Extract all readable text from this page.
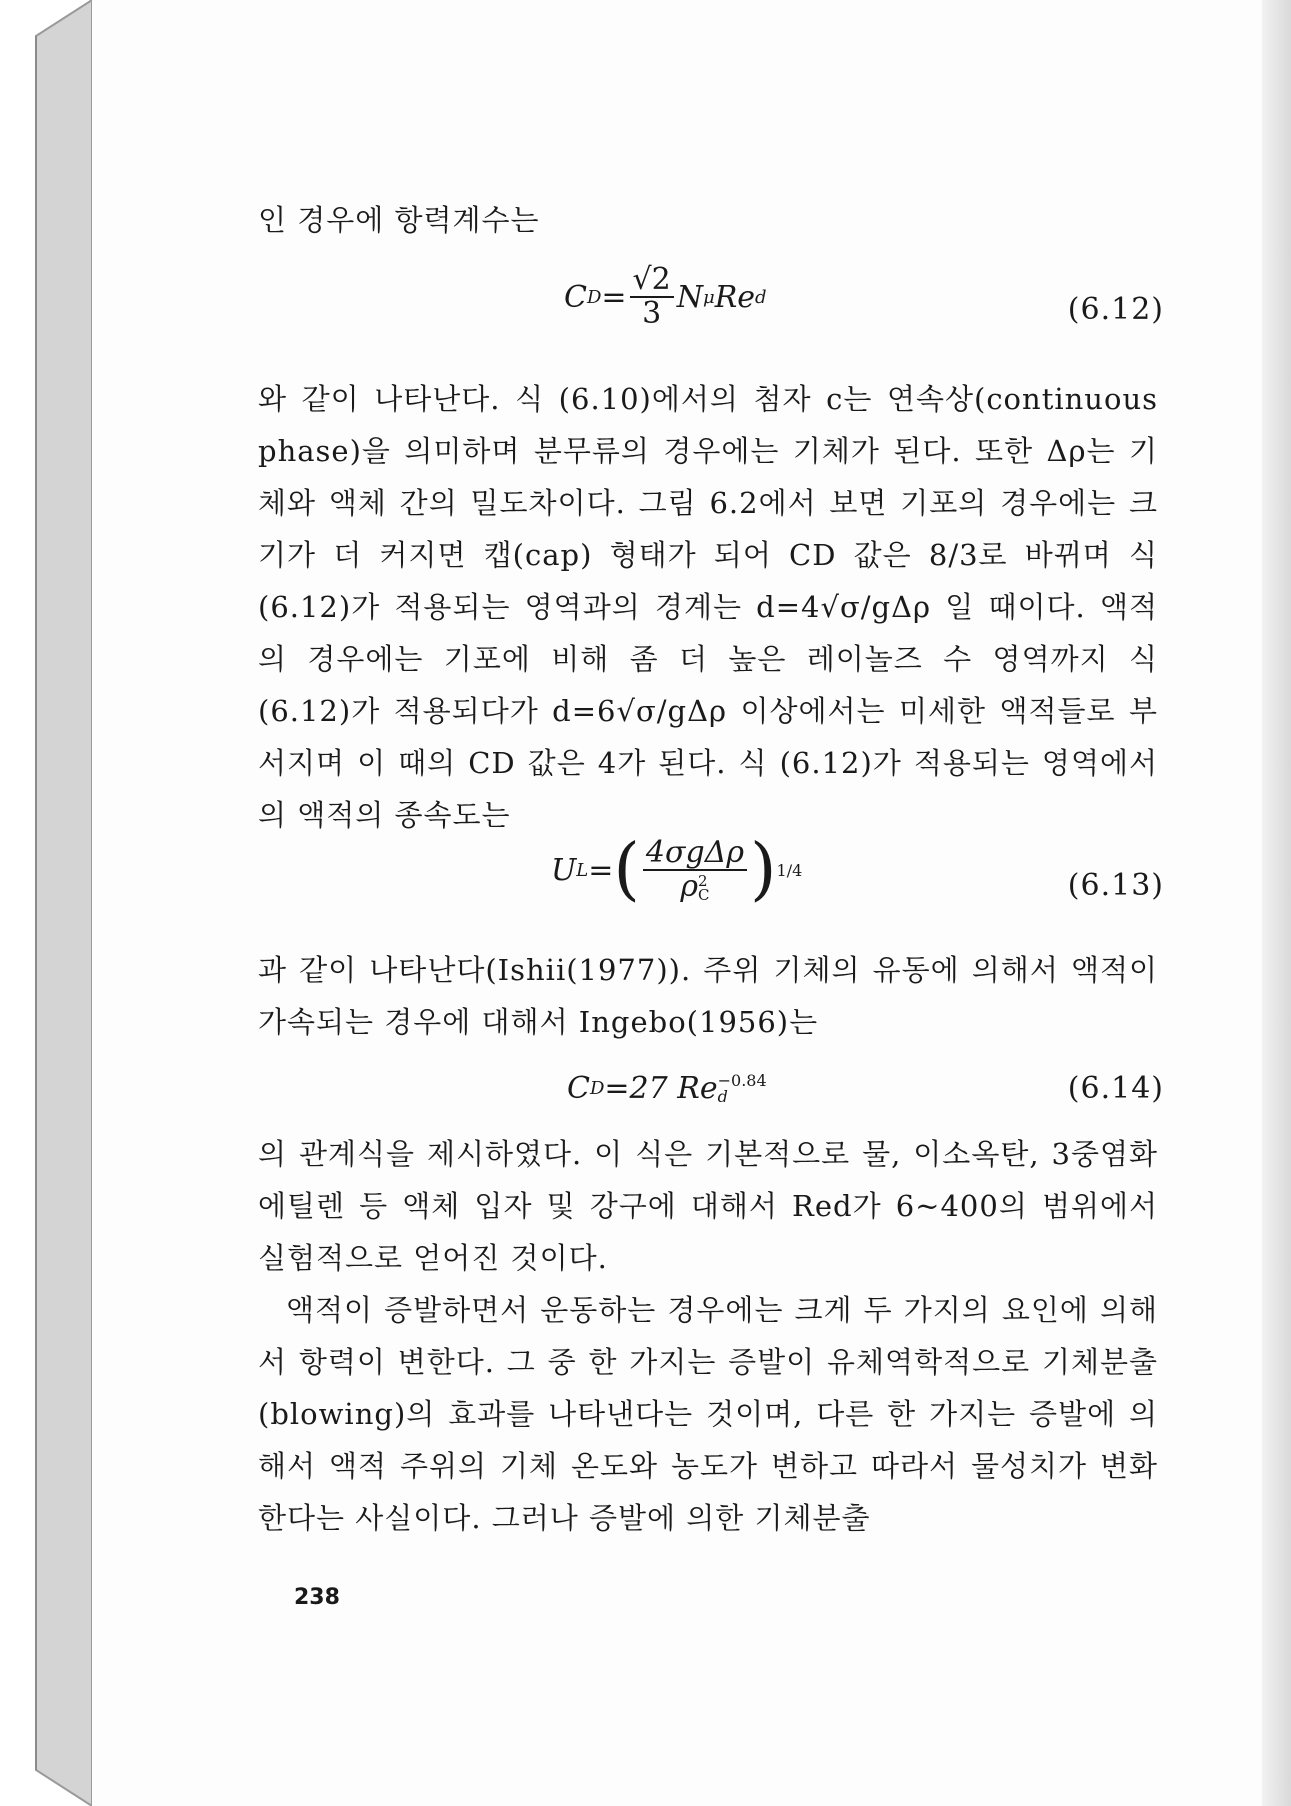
인 경우에 항력계수는
C $D = \frac{√2}{3}$ N μ Re d	(6.12)
와 같이 나타난다. 식 (6.10)에서의 첨자 c는 연속상(continuous phase)을 의미하며 분무류의 경우에는 기체가 된다. 또한 Δρ는 기체와 액체 간의 밀도차이다. 그림 6.2에서 보면 기포의 경우에는 크기가 더 커지면 캡(cap) 형태가 되어 CD 값은 8/3로 바뀌며 식 (6.12)가 적용되는 영역과의 경계는 d=4√σ/gΔρ 일 때이다. 액적의 경우에는 기포에 비해 좀 더 높은 레이놀즈 수 영역까지 식 (6.12)가 적용되다가 d=6√σ/gΔρ 이상에서는 미세한 액적들로 부서지며 이 때의 CD 값은 4가 된다. 식 (6.12)가 적용되는 영역에서의 액적의 종속도는
U L = ( 4σgΔρ
ρ 2
C ) 1/4	(6.13)
과 같이 나타난다(Ishii(1977)). 주위 기체의 유동에 의해서 액적이 가속되는 경우에 대해서 Ingebo(1956)는
C D =27 Re −0.84
d	(6.14)
의 관계식을 제시하였다. 이 식은 기본적으로 물, 이소옥탄, 3중염화에틸렌 등 액체 입자 및 강구에 대해서 Red가 6~400의 범위에서 실험적으로 얻어진 것이다.
액적이 증발하면서 운동하는 경우에는 크게 두 가지의 요인에 의해서 항력이 변한다. 그 중 한 가지는 증발이 유체역학적으로 기체분출(blowing)의 효과를 나타낸다는 것이며, 다른 한 가지는 증발에 의해서 액적 주위의 기체 온도와 농도가 변하고 따라서 물성치가 변화한다는 사실이다. 그러나 증발에 의한 기체분출
238
